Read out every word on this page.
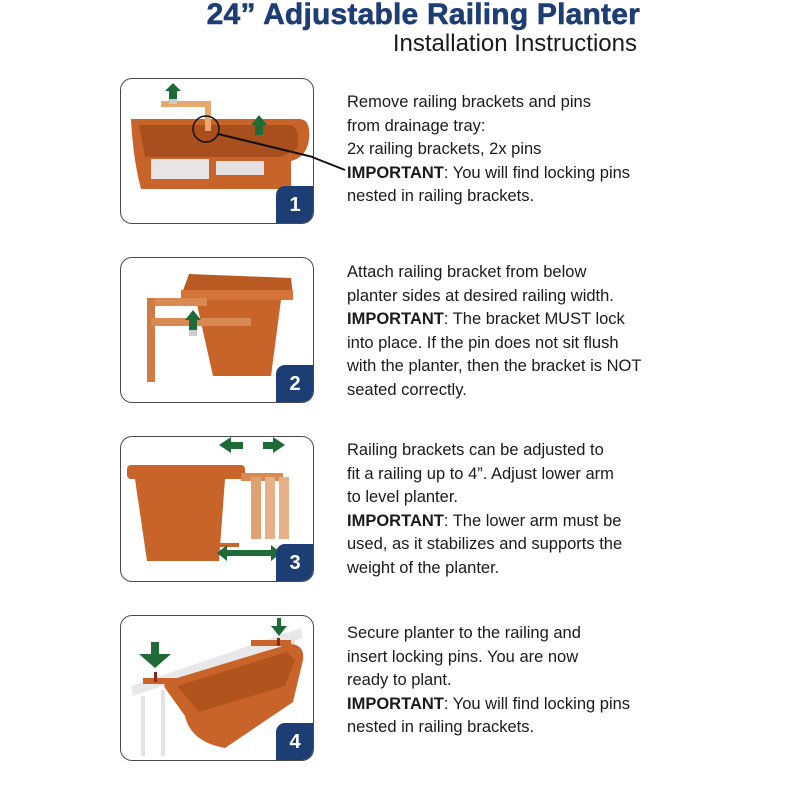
24” Adjustable Railing Planter
Installation Instructions
1
Remove railing brackets and pins
from drainage tray:
2x railing brackets, 2x pins
IMPORTANT: You will find locking pins
nested in railing brackets.
2
Attach railing bracket from below
planter sides at desired railing width.
IMPORTANT: The bracket MUST lock
into place. If the pin does not sit flush
with the planter, then the bracket is NOT
seated correctly.
3
Railing brackets can be adjusted to
fit a railing up to 4”. Adjust lower arm
to level planter.
IMPORTANT: The lower arm must be
used, as it stabilizes and supports the
weight of the planter.
4
Secure planter to the railing and
insert locking pins. You are now
ready to plant.
IMPORTANT: You will find locking pins
nested in railing brackets.
